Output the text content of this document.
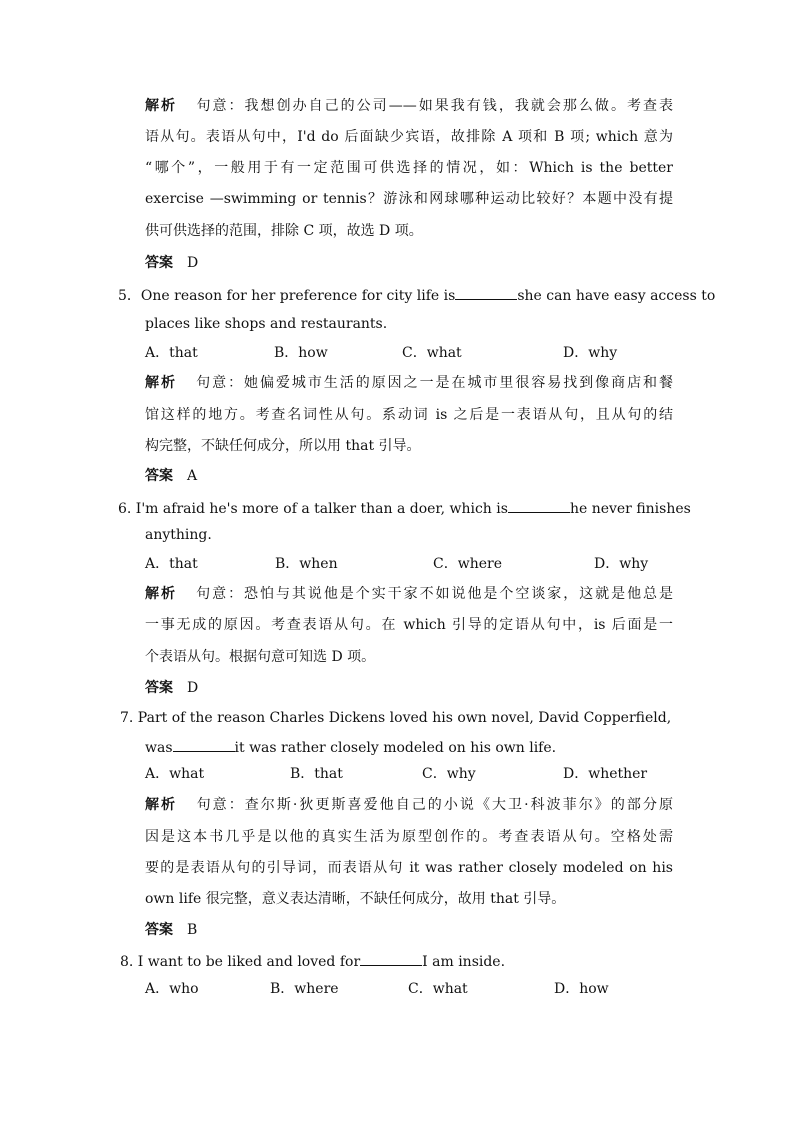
解析 句意：我想创办自己的公司——如果我有钱，我就会那么做。考查表
语从句。表语从句中，I'd do 后面缺少宾语，故排除 A 项和 B 项; which 意为
“哪个”，一般用于有一定范围可供选择的情况，如：Which is the better
exercise —swimming or tennis？游泳和网球哪种运动比较好？本题中没有提
供可供选择的范围，排除 C 项，故选 D 项。
答案 D
5．One reason for her preference for city life is	she can have easy access to
places like shops and restaurants.
A．that	B．how	C．what	D．why
解析 句意：她偏爱城市生活的原因之一是在城市里很容易找到像商店和餐
馆这样的地方。考查名词性从句。系动词 is 之后是一表语从句，且从句的结
构完整，不缺任何成分，所以用 that 引导。
答案 A
6. I'm afraid he's more of a talker than a doer, which is	he never finishes
anything.
A．that	B．when	C．where	D．why
解析 句意：恐怕与其说他是个实干家不如说他是个空谈家，这就是他总是
一事无成的原因。考查表语从句。在 which 引导的定语从句中，is 后面是一
个表语从句。根据句意可知选 D 项。
答案 D
7. Part of the reason Charles Dickens loved his own novel, David Copperfield,
was	it was rather closely modeled on his own life.
A．what	B．that	C．why	D．whether
解析 句意：查尔斯·狄更斯喜爱他自己的小说《大卫·科波菲尔》的部分原
因是这本书几乎是以他的真实生活为原型创作的。考查表语从句。空格处需
要的是表语从句的引导词，而表语从句 it was rather closely modeled on his
own life 很完整，意义表达清晰，不缺任何成分，故用 that 引导。
答案 B
8. I want to be liked and loved for	I am inside.
A．who	B．where	C．what	D．how
